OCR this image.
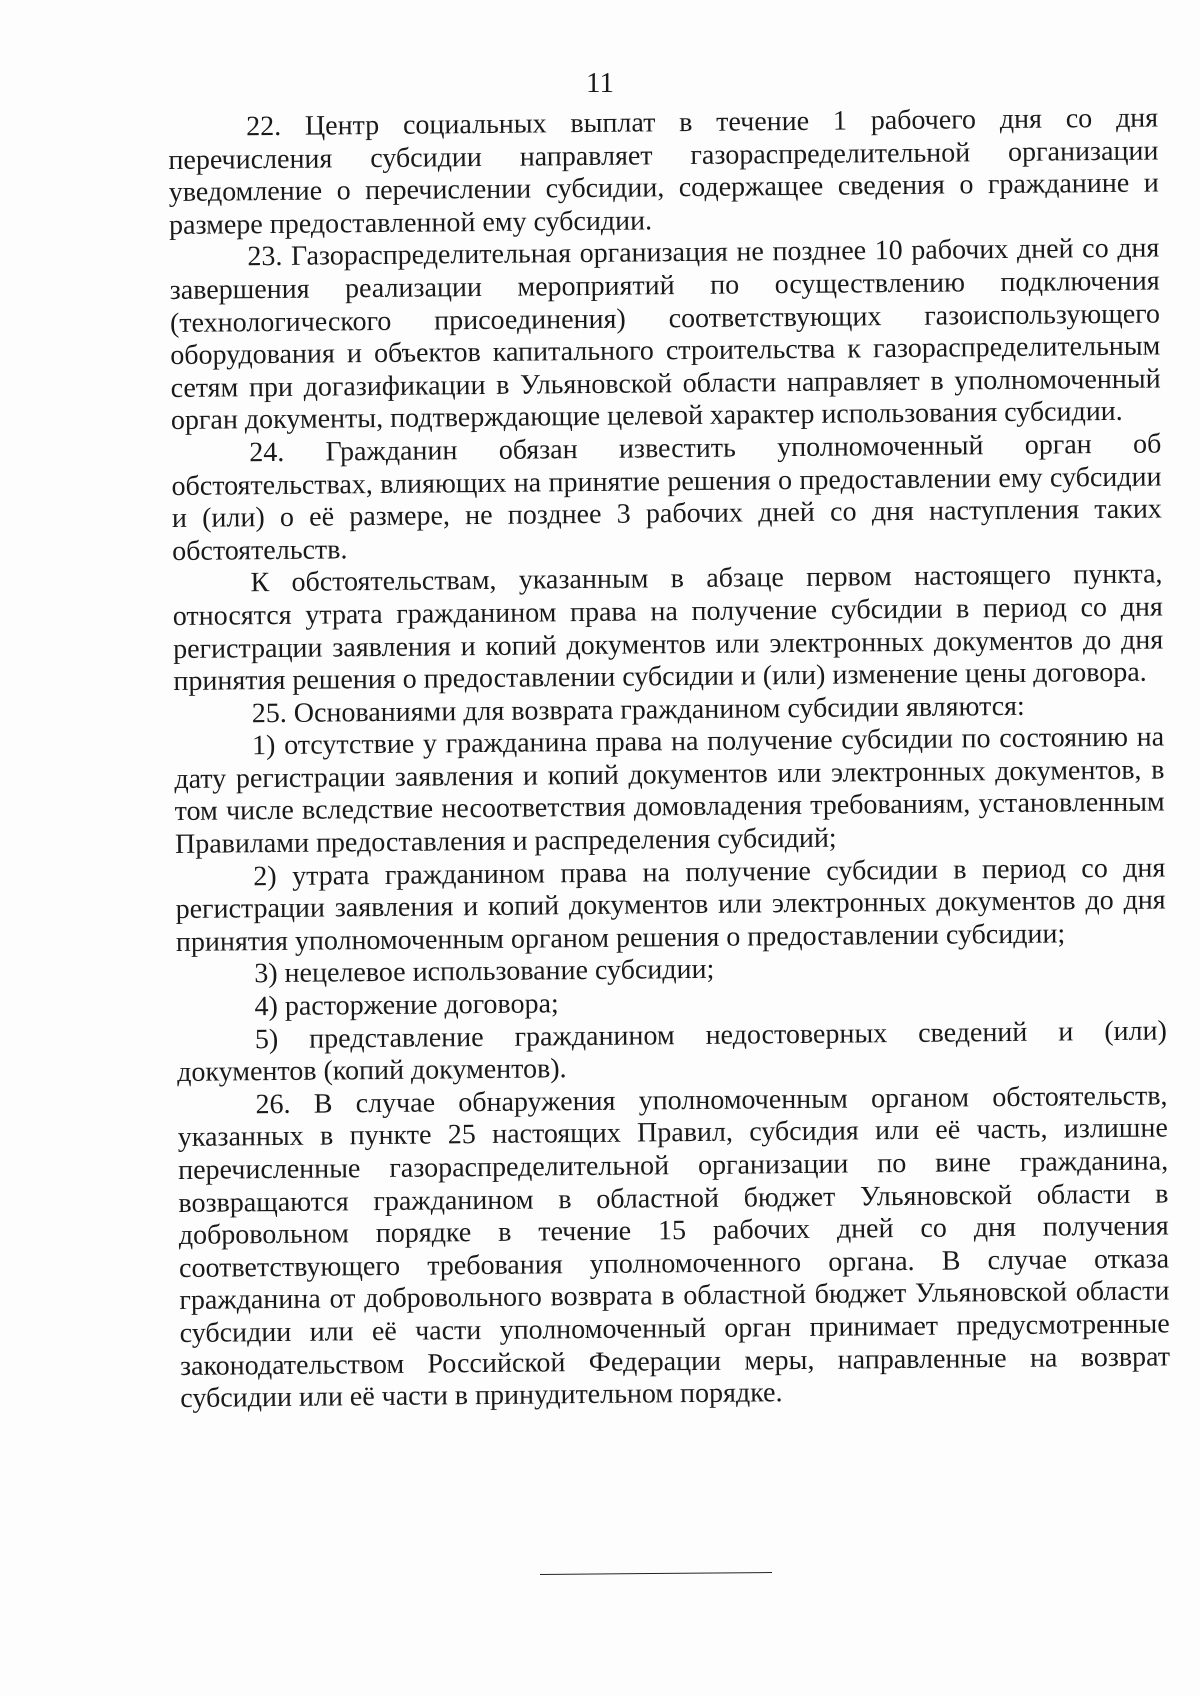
11

22. Центр социальных выплат в течение 1 рабочего дня со дня перечисления субсидии направляет газораспределительной организации уведомление о перечислении субсидии, содержащее сведения о гражданине и размере предоставленной ему субсидии.

23. Газораспределительная организация не позднее 10 рабочих дней со дня завершения реализации мероприятий по осуществлению подключения (технологического присоединения) соответствующих газоиспользующего оборудования и объектов капитального строительства к газораспределительным сетям при догазификации в Ульяновской области направляет в уполномоченный орган документы, подтверждающие целевой характер использования субсидии.

24. Гражданин обязан известить уполномоченный орган об обстоятельствах, влияющих на принятие решения о предоставлении ему субсидии и (или) о её размере, не позднее 3 рабочих дней со дня наступления таких обстоятельств.

К обстоятельствам, указанным в абзаце первом настоящего пункта, относятся утрата гражданином права на получение субсидии в период со дня регистрации заявления и копий документов или электронных документов до дня принятия решения о предоставлении субсидии и (или) изменение цены договора.

25. Основаниями для возврата гражданином субсидии являются:

1) отсутствие у гражданина права на получение субсидии по состоянию на дату регистрации заявления и копий документов или электронных документов, в том числе вследствие несоответствия домовладения требованиям, установленным Правилами предоставления и распределения субсидий;

2) утрата гражданином права на получение субсидии в период со дня регистрации заявления и копий документов или электронных документов до дня принятия уполномоченным органом решения о предоставлении субсидии;

3) нецелевое использование субсидии;

4) расторжение договора;

5) представление гражданином недостоверных сведений и (или) документов (копий документов).

26. В случае обнаружения уполномоченным органом обстоятельств, указанных в пункте 25 настоящих Правил, субсидия или её часть, излишне перечисленные газораспределительной организации по вине гражданина, возвращаются гражданином в областной бюджет Ульяновской области в добровольном порядке в течение 15 рабочих дней со дня получения соответствующего требования уполномоченного органа. В случае отказа гражданина от добровольного возврата в областной бюджет Ульяновской области субсидии или её части уполномоченный орган принимает предусмотренные законодательством Российской Федерации меры, направленные на возврат субсидии или её части в принудительном порядке.
